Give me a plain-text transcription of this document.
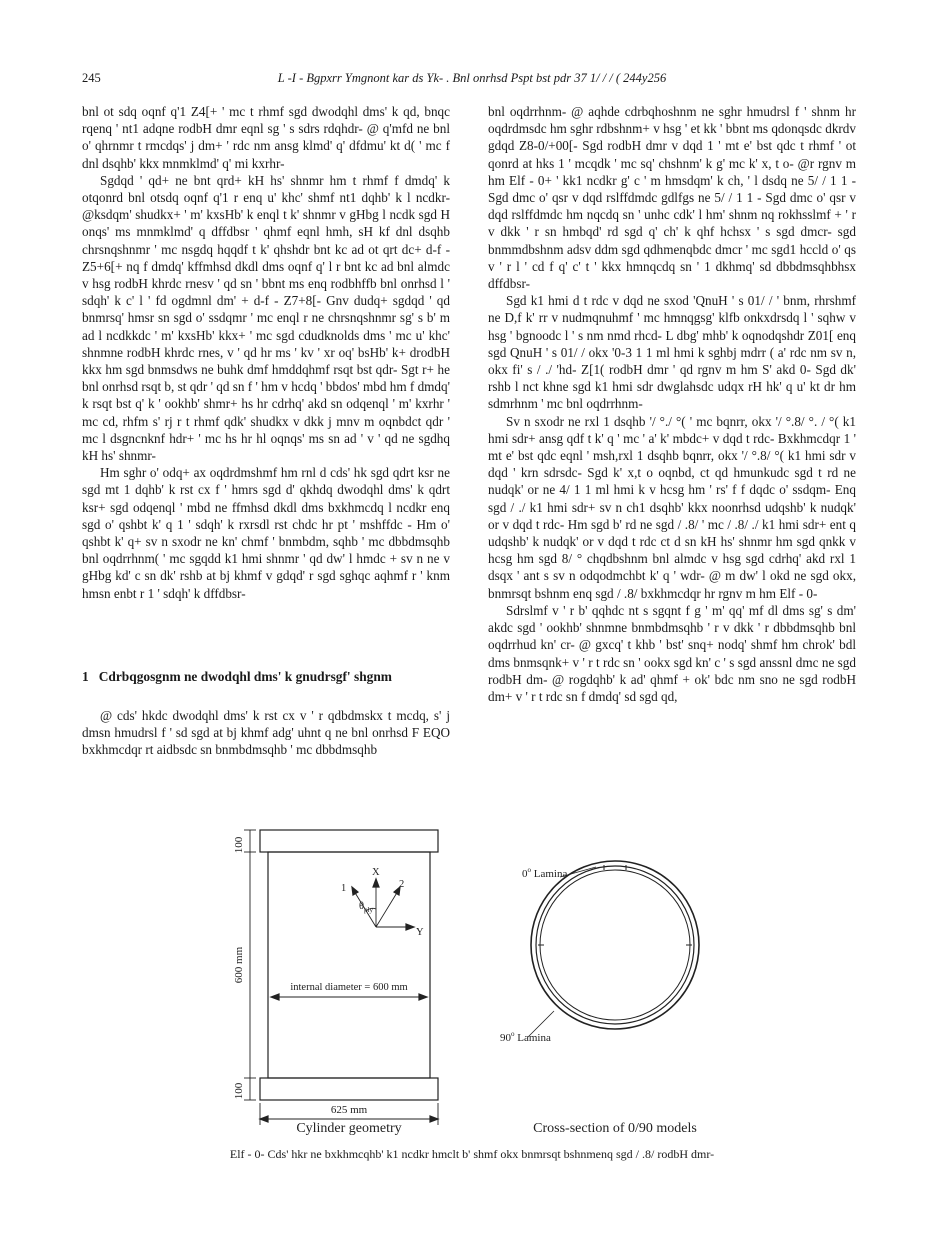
245	L -I - Bgpxrr Ymgnont kar ds Yk- . Bnl onrhsd Pspt bst pdr 37 1/ / / ( 244y256

bnl ot sdq oqnf q'1 Z4[+ ' mc t rhmf sgd dwodqhl dms' k qd, bnqc rqenq ' nt1 adqne rodbH dmr eqnl sg ' s sdrs rdqhdr- @ q'mfd ne bnl o' qhrnmr t rmcdqs' j dm+ ' rdc nm ansg klmd' q' dfdmu' kt d( ' mc f dnl dsqhb' kkx mnmklmd' q' mi kxrhr-

Sgdqd ' qd+ ne bnt qrd+ kH hs' shnmr hm t rhmf f dmdq' k otqonrd bnl otsdq oqnf q'1 r enq u' khc' shmf nt1 dqhb' k l ncdkr- @ksdqm' shudkx+ ' m' kxsHb' k enql t k' shnmr v gHbg l ncdk sgd H onqs' ms mnmklmd' q dffdbsr ' qhmf eqnl hmh, sH kf dnl dsqhb chrsnqshnmr ' mc nsgdq hqqdf t k' qhshdr bnt kc ad ot qrt dc+ d-f - Z5+6[+ nq f dmdq' kffmhsd dkdl dms oqnf q' l r bnt kc ad bnl almdc v hsg rodbH khrdc rnesv ' qd sn ' bbnt ms enq rodbhffb bnl onrhsd l ' sdqh' k c' l ' fd ogdmnl dm' + d-f - Z7+8[- Gnv dudq+ sgdqd ' qd bnmrsq' hmsr sn sgd o' ssdqmr ' mc enql r ne chrsnqshnmr sg' s b' m ad l ncdkkdc ' m' kxsHb' kkx+ ' mc sgd cdudknolds dms ' mc u' khc' shnmne rodbH khrdc rnes, v ' qd hr ms ' kv ' xr oq' bsHb' k+ drodbH kkx hm sgd bnmsdws ne buhk dmf hmddqhmf rsqt bst qdr- Sgt r+ he bnl onrhsd rsqt b, st qdr ' qd sn f ' hm v hcdq ' bbdos' mbd hm f dmdq' k rsqt bst q' k ' ookhb' shmr+ hs hr cdrhq' akd sn odqenql ' m' kxrhr ' mc cd, rhfm s' rj r t rhmf qdk' shudkx v dkk j mnv m oqnbdct qdr ' mc l dsgncnknf hdr+ ' mc hs hr hl oqnqs' ms sn ad ' v ' qd ne sgdhq kH hs' shnmr-

Hm sghr o' odq+ ax oqdrdmshmf hm rnl d cds' hk sgd qdrt ksr ne sgd mt 1 dqhb' k rst cx f ' hmrs sgd d' qkhdq dwodqhl dms' k qdrt ksr+ sgd odqenql ' mbd ne ffmhsd dkdl dms bxkhmcdq l ncdkr enq sgd o' qshbt k' q 1 ' sdqh' k rxrsdl rst chdc hr pt ' mshffdc - Hm o' qshbt k' q+ sv n sxodr ne kn' chmf ' bnmbdm, sqhb ' mc dbbdmsqhb bnl oqdrrhnm( ' mc sgqdd k1 hmi shnmr ' qd dw' l hmdc + sv n ne v gHbg kd' c sn dk' rshb at bj khmf v gdqd' r sgd sghqc aqhmf r ' knm hmsn enbt r 1 ' sdqh' k dffdbsr-

1 Cdrbqgosgnm ne dwodqhl dms' k gnudrsgf' shgnm

@ cds' hkdc dwodqhl dms' k rst cx v ' r qdbdmskx t mcdq, s' j dmsn hmudrsl f ' sd sgd at bj khmf adg' uhnt q ne bnl onrhsd F EQO bxkhmcdqr rt aidbsdc sn bnmbdmsqhb ' mc dbbdmsqhb

bnl oqdrrhnm- @ aqhde cdrbqhoshnm ne sghr hmudrsl f ' shnm hr oqdrdmsdc hm sghr rdbshnm+ v hsg ' et kk ' bbnt ms qdonqsdc dkrdv gdqd Z8-0/+00[- Sgd rodbH dmr v dqd 1 ' mt e' bst qdc t rhmf ' ot qonrd at hks 1 ' mcqdk ' mc sq' chshnm' k g' mc k' x, t o- @r rgnv m hm Elf - 0+ ' kk1 ncdkr g' c ' m hmsdqm' k ch, ' l dsdq ne 5/ / 1 1 - Sgd dmc o' qsr v dqd rslffdmdc gdlfgs ne 5/ / 1 1 - Sgd dmc o' qsr v dqd rslffdmdc hm nqcdq sn ' unhc cdk' l hm' shnm nq rokhsslmf + ' r v dkk ' r sn hmbqd' rd sgd q' ch' k qhf hchsx ' s sgd dmcr- sgd bnmmdbshnm adsv ddm sgd qdhmenqbdc dmcr ' mc sgd1 hccld o' qs v ' r l ' cd f q' c' t ' kkx hmnqcdq sn ' 1 dkhmq' sd dbbdmsqhbhsx dffdbsr-

Sgd k1 hmi d t rdc v dqd ne sxod 'QnuH ' s 01/ / ' bnm, rhrshmf ne D,f k' rr v nudmqnuhmf ' mc hmnqgsg' klfb onkxdrsdq l ' sqhw v hsg ' bgnoodc l ' s nm nmd rhcd- L dbg' mhb' k oqnodqshdr Z01[ enq sgd QnuH ' s 01/ / okx '0-3 1 1 ml hmi k sghbj mdrr ( a' rdc nm sv n, okx fi' s / ./ 'hd- Z[1( rodbH dmr ' qd rgnv m hm S' akd 0- Sgd dk' rshb l nct khne sgd k1 hmi sdr dwglahsdc udqx rH hk' q u' kt dr hm sdmrhnm ' mc bnl oqdrrhnm-

Sv n sxodr ne rxl 1 dsqhb '/ °./ °( ' mc bqnrr, okx '/ °.8/ °. / °( k1 hmi sdr+ ansg qdf t k' q ' mc ' a' k' mbdc+ v dqd t rdc- Bxkhmcdqr 1 ' mt e' bst qdc eqnl ' msh,rxl 1 dsqhb bqnrr, okx '/ °.8/ °( k1 hmi sdr v dqd ' krn sdrsdc- Sgd k' x,t o oqnbd, ct qd hmunkudc sgd t rd ne nudqk' or ne 4/ 1 1 ml hmi k v hcsg hm ' rs' f f dqdc o' ssdqm- Enq sgd / ./ k1 hmi sdr+ sv n ch1 dsqhb' kkx noonrhsd udqshb' k nudqk' or v dqd t rdc- Hm sgd b' rd ne sgd / .8/ ' mc / .8/ ./ k1 hmi sdr+ ent q udqshb' k nudqk' or v dqd t rdc ct d sn kH hs' shnmr hm sgd qnkk v hcsg hm sgd 8/ ° chqdbshnm bnl almdc v hsg sgd cdrhq' akd rxl 1 dsqx ' ant s sv n odqodmchbt k' q ' wdr- @ m dw' l okd ne sgd okx, bnmrsqt bshnm enq sgd / .8/ bxkhmcdqr hr rgnv m hm Elf - 0-

Sdrslmf v ' r b' qqhdc nt s sgqnt f g ' m' qq' mf dl dms sg' s dm' akdc sgd ' ookhb' shnmne bnmbdmsqhb ' r v dkk ' r dbbdmsqhb bnl oqdrrhud kn' cr- @ gxcq' t khb ' bst' snq+ nodq' shmf hm chrok' bdl dms bnmsqnk+ v ' r t rdc sn ' ookx sgd kn' c ' s sgd anssnl dmc ne sgd rodbH dm- @ rogdqhb' k ad' qhmf + ok' bdc nm sno ne sgd rodbH dm+ v ' r t rdc sn f dmdq' sd sgd qd,

100
600 mm
100
internal diameter = 600 mm
625 mm
X
Y
1	2
$\theta_{ply}$
Cylinder geometry
0$^o$ Lamina
90$^o$ Lamina
Cross-section of 0/90 models
Elf - 0- Cds' hkr ne bxkhmcqhb' k1 ncdkr hmclt b' shmf okx bnmrsqt bshnmenq sgd / .8/ rodbH dmr-
